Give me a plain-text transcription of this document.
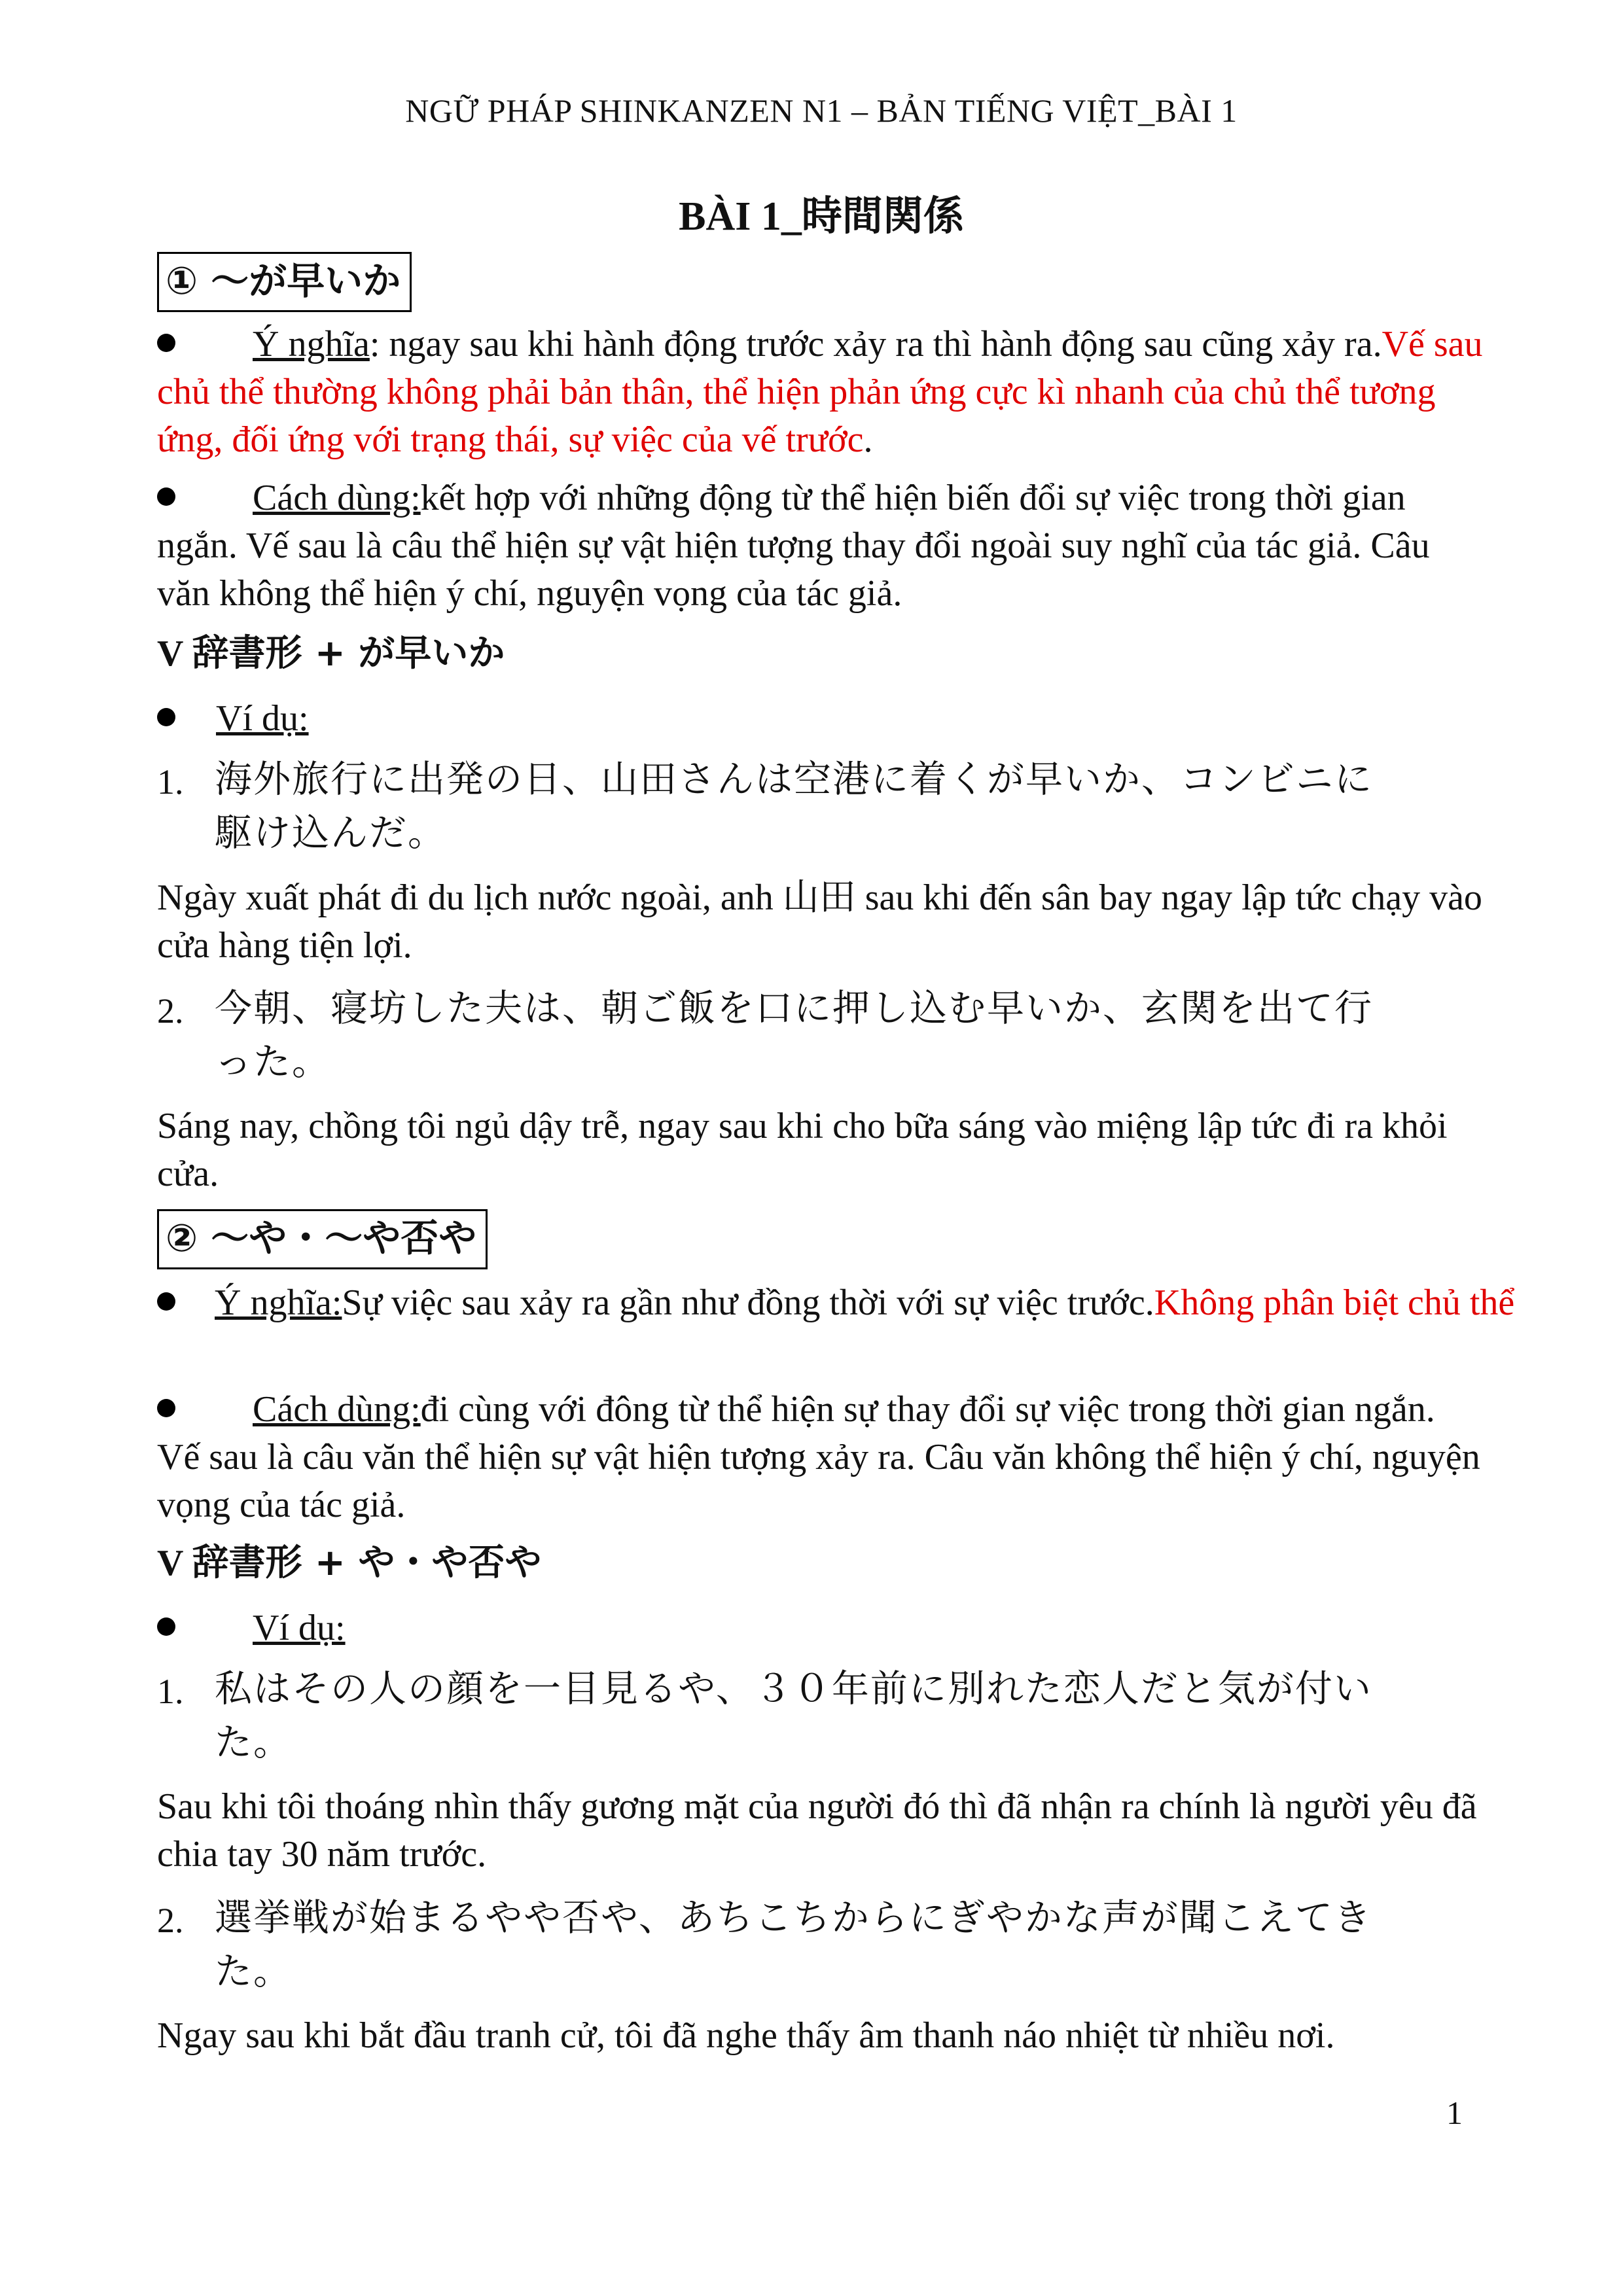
NGỮ PHÁP SHINKANZEN N1 – BẢN TIẾNG VIỆT_BÀI 1
BÀI 1_時間関係
① ～が早いか
Ý nghĩa: ngay sau khi hành động trước xảy ra thì hành động sau cũng xảy ra.Vế sau chủ thể thường không phải bản thân, thể hiện phản ứng cực kì nhanh của chủ thể tương ứng, đối ứng với trạng thái, sự việc của vế trước.
Cách dùng:kết hợp với những động từ thể hiện biến đổi sự việc trong thời gian ngắn. Vế sau là câu thể hiện sự vật hiện tượng thay đổi ngoài suy nghĩ của tác giả. Câu văn không thể hiện ý chí, nguyện vọng của tác giả.
V 辞書形 + が早いか
Ví dụ:
1. 海外旅行に出発の日、山田さんは空港に着くが早いか、コンビニに
駆け込んだ。
Ngày xuất phát đi du lịch nước ngoài, anh 山田 sau khi đến sân bay ngay lập tức chạy vào cửa hàng tiện lợi.
2. 今朝、寝坊した夫は、朝ご飯を口に押し込む早いか、玄関を出て行
った。
Sáng nay, chồng tôi ngủ dậy trễ, ngay sau khi cho bữa sáng vào miệng lập tức đi ra khỏi cửa.
② ～や・～や否や
Ý nghĩa:Sự việc sau xảy ra gần như đồng thời với sự việc trước.Không phân biệt chủ thể
Cách dùng:đi cùng với đông từ thể hiện sự thay đổi sự việc trong thời gian ngắn. Vế sau là câu văn thể hiện sự vật hiện tượng xảy ra. Câu văn không thể hiện ý chí, nguyện vọng của tác giả.
V 辞書形 + や・や否や
Ví dụ:
1. 私はその人の顔を一目見るや、３０年前に別れた恋人だと気が付い
た。
Sau khi tôi thoáng nhìn thấy gương mặt của người đó thì đã nhận ra chính là người yêu đã chia tay 30 năm trước.
2. 選挙戦が始まるやや否や、あちこちからにぎやかな声が聞こえてき
た。
Ngay sau khi bắt đầu tranh cử, tôi đã nghe thấy âm thanh náo nhiệt từ nhiều nơi.
1
